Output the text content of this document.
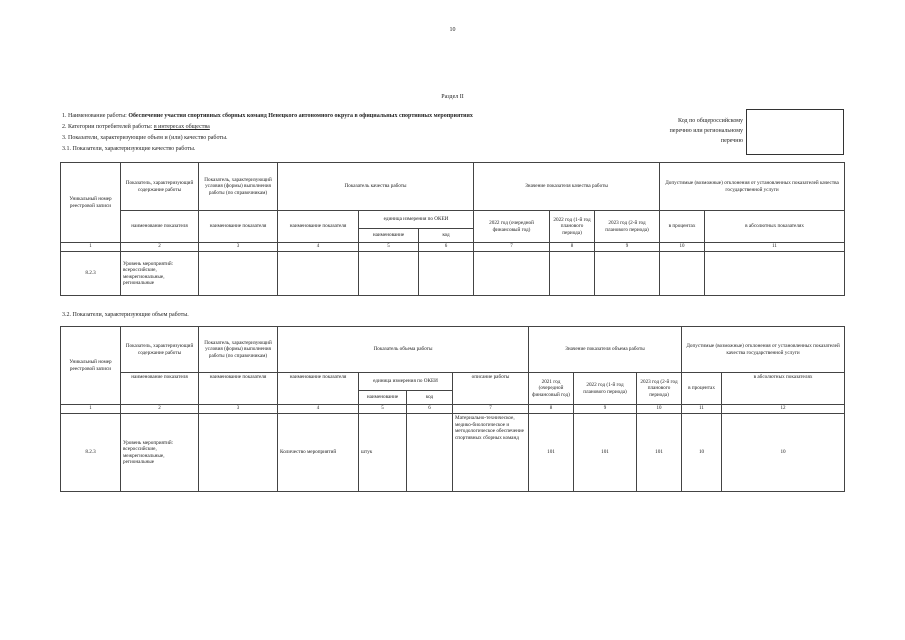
10
Раздел II
1. Наименование работы: Обеспечение участия спортивных сборных команд Ненецкого автономного округа в официальных спортивных мероприятиях
2. Категории потребителей работы: в интересах общества
3. Показатели, характеризующие объем и (или) качество работы.
3.1. Показатели, характеризующие качество работы.
Код по общероссийскому
перечню или региональному
перечню
Уникальный номер реестровой записи	Показатель, характеризующий содержание работы	Показатель, характеризующий условия (формы) выполнения работы (по справочникам)	Показатель качества работы			Значение показателя качества работы			Допустимые (возможные) отклонения от установленных показателей качества государственной услуги	
	наименование показателя	наименование показателя	наименование показателя	единица измерения по ОКЕИ		2022 год (очередной финансовый год)	2022 год (1-й год планового периода)	2023 год (2-й год планового периода)	в процентах	в абсолютных показателях
				наименование	код					
1	2	3	4	5	6	7	8	9	10	11
8.2.3	Уровень мероприятий: всероссийские, межрегиональные, региональные									
3.2. Показатели, характеризующие объем работы.
Уникальный номер реестровой записи	Показатель, характеризующий содержание работы	Показатель, характеризующий условия (формы) выполнения работы (по справочникам)	Показатель объема работы				Значение показателя объема работы			Допустимые (возможные) отклонения от установленных показателей качества государственной услуги	
	наименование показателя	наименование показателя	наименование показателя	единица измерения по ОКЕИ		описание работы	2021 год (очередной финансовый год)	2022 год (1-й год планового периода)	2023 год (2-й год планового периода)	в процентах	в абсолютных показателях
				наименование	код						
1	2	3	4	5	6	7	8	9	10	11	12
8.2.3	Уровень мероприятий: всероссийские, межрегиональные, региональные		Количество мероприятий	штук		Материально-техническое, медико-биологическое и методологическое обеспечение спортивных сборных команд	101	101	101	10	10
